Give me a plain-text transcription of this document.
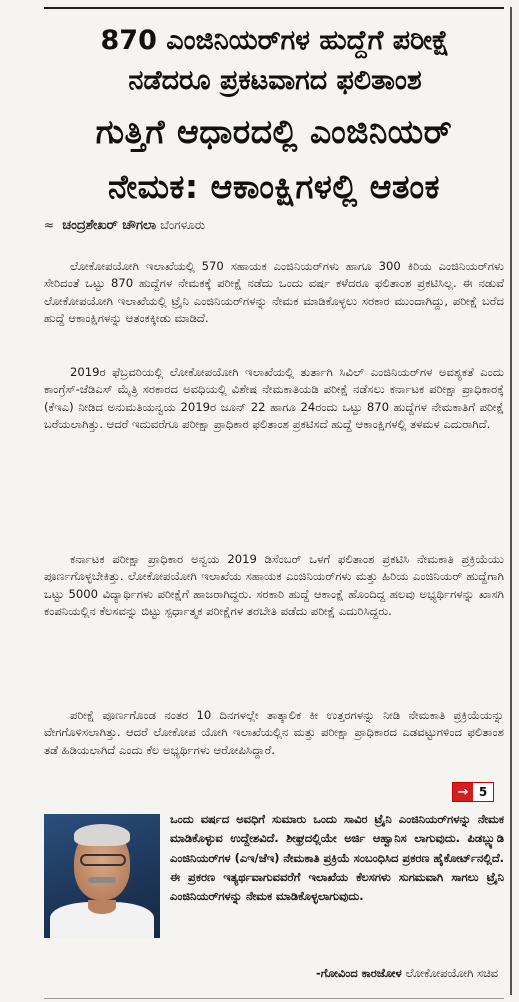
870 ಎಂಜಿನಿಯರ್‌ಗಳ ಹುದ್ದೆಗೆ ಪರೀಕ್ಷೆ
ನಡೆದರೂ ಪ್ರಕಟವಾಗದ ಫಲಿತಾಂಶ
ಗುತ್ತಿಗೆ ಆಧಾರದಲ್ಲಿ ಎಂಜಿನಿಯರ್
ನೇಮಕ: ಆಕಾಂಕ್ಷಿಗಳಲ್ಲಿ ಆತಂಕ
≈ ಚಂದ್ರಶೇಖರ್ ಚೌಗಲಾ ಬೆಂಗಳೂರು

ಲೋಕೋಪಯೋಗಿ ಇಲಾಖೆಯಲ್ಲಿ 570 ಸಹಾಯಕ ಎಂಜಿನಿಯರ್‌ಗಳು ಹಾಗೂ 300 ಕಿರಿಯ ಎಂಜಿನಿಯರ್‌ಗಳು ಸೇರಿದಂತೆ ಒಟ್ಟು 870 ಹುದ್ದೆಗಳ ನೇಮಕಕ್ಕೆ ಪರೀಕ್ಷೆ ನಡೆದು ಒಂದು ವರ್ಷ ಕಳೆದರೂ ಫಲಿತಾಂಶ ಪ್ರಕಟಿಸಿಲ್ಲ. ಈ ನಡುವೆ ಲೋಕೋಪಯೋಗಿ ಇಲಾಖೆಯಲ್ಲಿ ಟ್ರೈನಿ ಎಂಜಿನಿಯರ್‌ಗಳನ್ನು ನೇಮಕ ಮಾಡಿಕೊಳ್ಳಲು ಸರಕಾರ ಮುಂದಾಗಿದ್ದು, ಪರೀಕ್ಷೆ ಬರೆದ ಹುದ್ದೆ ಆಕಾಂಕ್ಷಿಗಳನ್ನು ಆತಂಕಕ್ಕೀಡು ಮಾಡಿದೆ.

2019ರ ಫೆಬ್ರವರಿಯಲ್ಲಿ ಲೋಕೋಪಯೋಗಿ ಇಲಾಖೆಯಲ್ಲಿ ತುರ್ತಾಗಿ ಸಿವಿಲ್ ಎಂಜಿನಿಯರ್‌ಗಳ ಅವಶ್ಯಕತೆ ಎಂದು ಕಾಂಗ್ರೆಸ್-ಜೆಡಿಎಸ್ ಮೈತ್ರಿ ಸರಕಾರದ ಅವಧಿಯಲ್ಲಿ ವಿಶೇಷ ನೇಮಕಾತಿಯಡಿ ಪರೀಕ್ಷೆ ನಡೆಸಲು ಕರ್ನಾಟಕ ಪರೀಕ್ಷಾ ಪ್ರಾಧಿಕಾರಕ್ಕೆ (ಕೆಇಎ) ನೀಡಿದ ಅನುಮತಿಯನ್ವಯ 2019ರ ಜೂನ್ 22 ಹಾಗೂ 24ರಂದು ಒಟ್ಟು 870 ಹುದ್ದೆಗಳ ನೇಮಕಾತಿಗೆ ಪರೀಕ್ಷೆ ಬರೆಯಲಾಗಿತ್ತು. ಆದರೆ ಇದುವರೆಗೂ ಪರೀಕ್ಷಾ ಪ್ರಾಧಿಕಾರ ಫಲಿತಾಂಶ ಪ್ರಕಟಿಸದೆ ಹುದ್ದೆ ಆಕಾಂಕ್ಷಿಗಳಲ್ಲಿ ತಳಮಳ ಎದುರಾಗಿದೆ.

ಕರ್ನಾಟಕ ಪರೀಕ್ಷಾ ಪ್ರಾಧಿಕಾರ ಅನ್ವಯ 2019 ಡಿಸೆಂಬರ್ ಒಳಗೆ ಫಲಿತಾಂಶ ಪ್ರಕಟಿಸಿ ನೇಮಕಾತಿ ಪ್ರಕ್ರಿಯೆಯು ಪೂರ್ಣಗೊಳ್ಳಬೇಕಿತ್ತು. ಲೋಕೋಪಯೋಗಿ ಇಲಾಖೆಯ ಸಹಾಯಕ ಎಂಜಿನಿಯರ್‌ಗಳು ಮತ್ತು ಹಿರಿಯ ಎಂಜಿನಿಯರ್ ಹುದ್ದೆಗಾಗಿ ಒಟ್ಟು 5000 ವಿದ್ಯಾರ್ಥಿಗಳು ಪರೀಕ್ಷೆಗೆ ಹಾಜರಾಗಿದ್ದರು. ಸರಕಾರಿ ಹುದ್ದೆ ಆಕಾಂಕ್ಷೆ ಹೊಂದಿದ್ದ ಹಲವು ಅಭ್ಯರ್ಥಿಗಳನ್ನು ಖಾಸಗಿ ಕಂಪನಿಯಲ್ಲಿನ ಕೆಲಸವನ್ನು ಬಿಟ್ಟು ಸ್ಪರ್ಧಾತ್ಮಕ ಪರೀಕ್ಷೆಗಳ ತರಬೇತಿ ಪಡೆದು ಪರೀಕ್ಷೆ ಎದುರಿಸಿದ್ದರು.

ಪರೀಕ್ಷೆ ಪೂರ್ಣಗೊಂಡ ನಂತರ 10 ದಿನಗಳಲ್ಲೇ ತಾತ್ಕಾಲಿಕ ಕೀ ಉತ್ತರಗಳನ್ನು ನೀಡಿ ನೇಮಕಾತಿ ಪ್ರಕ್ರಿಯೆಯನ್ನು ವೇಗಗೊಳಿಸಲಾಗಿತ್ತು. ಆದರೆ ಲೋಕೋಪ ಯೋಗಿ ಇಲಾಖೆಯಲ್ಲಿನ ಮತ್ತು ಪರೀಕ್ಷಾ ಪ್ರಾಧಿಕಾರದ ಎಡವಟ್ಟುಗಳಿಂದ ಫಲಿತಾಂಶ ತಡೆ ಹಿಡಿಯಲಾಗಿದೆ ಎಂದು ಕೆಲ ಅಭ್ಯರ್ಥಿಗಳು ಆರೋಪಿಸಿದ್ದಾರೆ.

→ 5
ಒಂದು ವರ್ಷದ ಅವಧಿಗೆ ಸುಮಾರು ಒಂದು ಸಾವಿರ ಟ್ರೈನಿ ಎಂಜಿನಿಯರ್‌ಗಳನ್ನು ನೇಮಕ ಮಾಡಿಕೊಳ್ಳುವ ಉದ್ದೇಶವಿದೆ. ಶೀಘ್ರದಲ್ಲಿಯೇ ಅರ್ಜಿ ಆಹ್ವಾನಿಸ ಲಾಗುವುದು. ಪಿಡಬ್ಲ್ಯುಡಿ ಎಂಜಿನಿಯರ್‌ಗಳ (ಎಇ/ಜೆಇ) ನೇಮಕಾತಿ ಪ್ರಕ್ರಿಯೆ ಸಂಬಂಧಿಸಿದ ಪ್ರಕರಣ ಹೈಕೋರ್ಟ್‌ನಲ್ಲಿದೆ. ಈ ಪ್ರಕರಣ ಇತ್ಯರ್ಥವಾಗುವವರೆಗೆ ಇಲಾಖೆಯ ಕೆಲಸಗಳು ಸುಗಮವಾಗಿ ಸಾಗಲು ಟ್ರೈನಿ ಎಂಜಿನಿಯರ್‌ಗಳನ್ನು ನೇಮಕ ಮಾಡಿಕೊಳ್ಳಲಾಗುವುದು.
-ಗೋವಿಂದ ಕಾರಜೋಳ ಲೋಕೋಪಯೋಗಿ ಸಚಿವ
